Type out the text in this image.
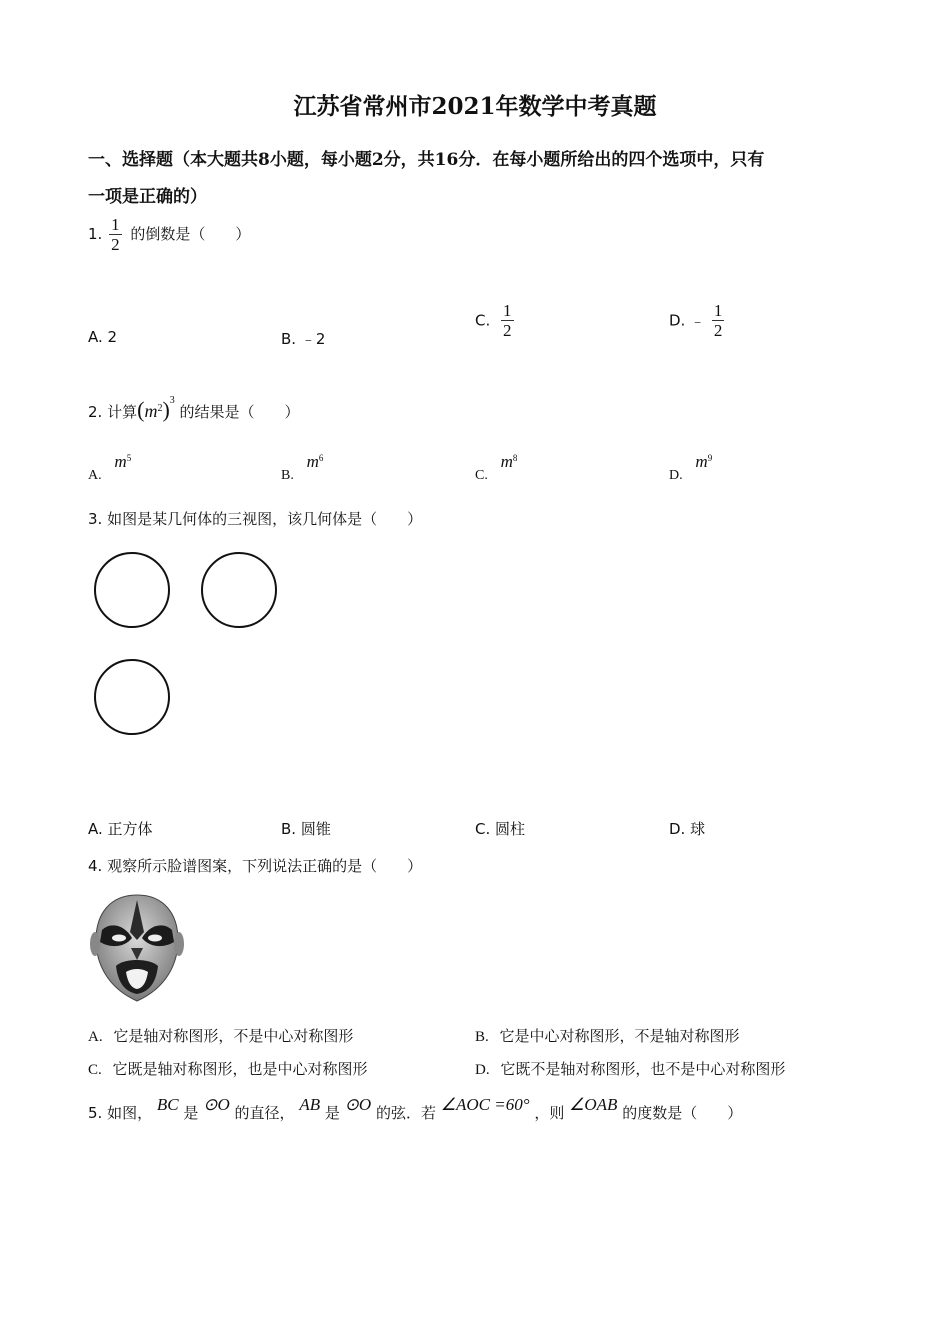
江苏省常州市2021年数学中考真题
一、选择题（本大题共8小题，每小题2分，共16分．在每小题所给出的四个选项中，只有
一项是正确的）
1. $\frac{1}{2}$ 的倒数是（　　）
A. 2	B. ﹣2
C. $\frac{1}{2}$	D. ﹣ $\frac{1}{2}$
2. 计算$(m^2)^3$ 的结果是（　　）
A. $m^5$
B. $m^6$
C. $m^8$
D. $m^9$
3. 如图是某几何体的三视图，该几何体是（　　）
A. 正方体	B. 圆锥	C. 圆柱	D. 球
4. 观察所示脸谱图案，下列说法正确的是（　　）
A. 它是轴对称图形，不是中心对称图形	B. 它是中心对称图形，不是轴对称图形
C. 它既是轴对称图形，也是中心对称图形	D. 它既不是轴对称图形，也不是中心对称图形
5. 如图， BC 是 ⊙O 的直径， AB 是 ⊙O 的弦．若 ∠AOC =60° ，则 ∠OAB 的度数是（　　）
